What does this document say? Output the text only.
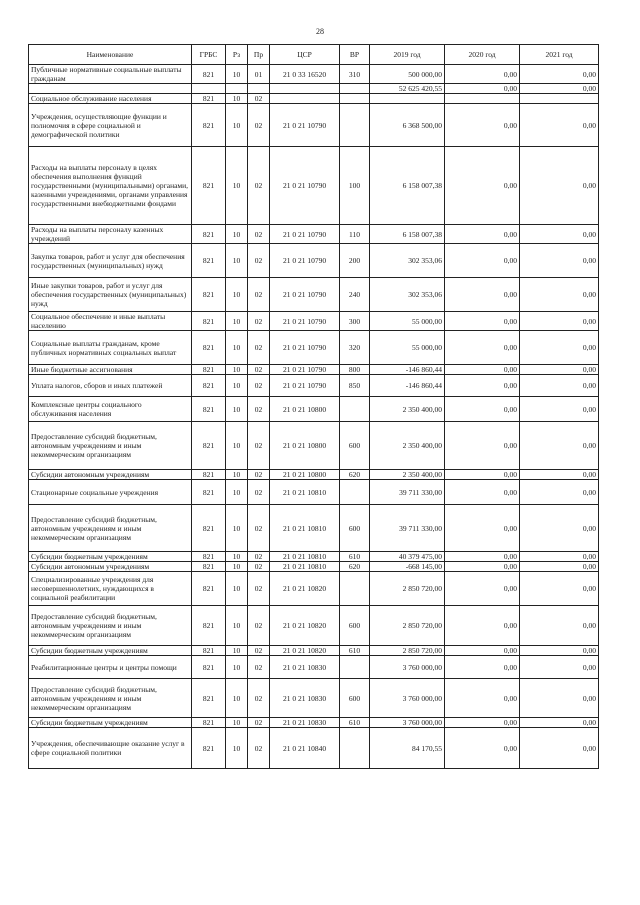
28
Наименование	ГРБС	Рз	Пр	ЦСР	ВР	2019 год	2020 год	2021 год
Публичные нормативные социальные выплаты гражданам	821	10	01	21 0 33 16520	310	500 000,00	0,00	0,00
						52 625 420,55	0,00	0,00
Социальное обслуживание населения	821	10	02					
Учреждения, осуществляющие функции и полномочия в сфере социальной и демографической политики	821	10	02	21 0 21 10790		6 368 500,00	0,00	0,00
Расходы на выплаты персоналу в целях обеспечения выполнения функций государственными (муниципальными) органами, казенными учреждениями, органами управления государственными внебюджетными фондами	821	10	02	21 0 21 10790	100	6 158 007,38	0,00	0,00
Расходы на выплаты персоналу казенных учреждений	821	10	02	21 0 21 10790	110	6 158 007,38	0,00	0,00
Закупка товаров, работ и услуг для обеспечения государственных (муниципальных) нужд	821	10	02	21 0 21 10790	200	302 353,06	0,00	0,00
Иные закупки товаров, работ и услуг для обеспечения государственных (муниципальных) нужд	821	10	02	21 0 21 10790	240	302 353,06	0,00	0,00
Социальное обеспечение и иные выплаты населению	821	10	02	21 0 21 10790	300	55 000,00	0,00	0,00
Социальные выплаты гражданам, кроме публичных нормативных социальных выплат	821	10	02	21 0 21 10790	320	55 000,00	0,00	0,00
Иные бюджетные ассигнования	821	10	02	21 0 21 10790	800	-146 860,44	0,00	0,00
Уплата налогов, сборов и иных платежей	821	10	02	21 0 21 10790	850	-146 860,44	0,00	0,00
Комплексные центры социального обслуживания населения	821	10	02	21 0 21 10800		2 350 400,00	0,00	0,00
Предоставление субсидий бюджетным, автономным учреждениям и иным некоммерческим организациям	821	10	02	21 0 21 10800	600	2 350 400,00	0,00	0,00
Субсидии автономным учреждениям	821	10	02	21 0 21 10800	620	2 350 400,00	0,00	0,00
Стационарные социальные учреждения	821	10	02	21 0 21 10810		39 711 330,00	0,00	0,00
Предоставление субсидий бюджетным, автономным учреждениям и иным некоммерческим организациям	821	10	02	21 0 21 10810	600	39 711 330,00	0,00	0,00
Субсидии бюджетным учреждениям	821	10	02	21 0 21 10810	610	40 379 475,00	0,00	0,00
Субсидии автономным учреждениям	821	10	02	21 0 21 10810	620	-668 145,00	0,00	0,00
Специализированные учреждения для несовершеннолетних, нуждающихся в социальной реабилитации	821	10	02	21 0 21 10820		2 850 720,00	0,00	0,00
Предоставление субсидий бюджетным, автономным учреждениям и иным некоммерческим организациям	821	10	02	21 0 21 10820	600	2 850 720,00	0,00	0,00
Субсидии бюджетным учреждениям	821	10	02	21 0 21 10820	610	2 850 720,00	0,00	0,00
Реабилитационные центры и центры помощи	821	10	02	21 0 21 10830		3 760 000,00	0,00	0,00
Предоставление субсидий бюджетным, автономным учреждениям и иным некоммерческим организациям	821	10	02	21 0 21 10830	600	3 760 000,00	0,00	0,00
Субсидии бюджетным учреждениям	821	10	02	21 0 21 10830	610	3 760 000,00	0,00	0,00
Учреждения, обеспечивающие оказание услуг в сфере социальной политики	821	10	02	21 0 21 10840		84 170,55	0,00	0,00
